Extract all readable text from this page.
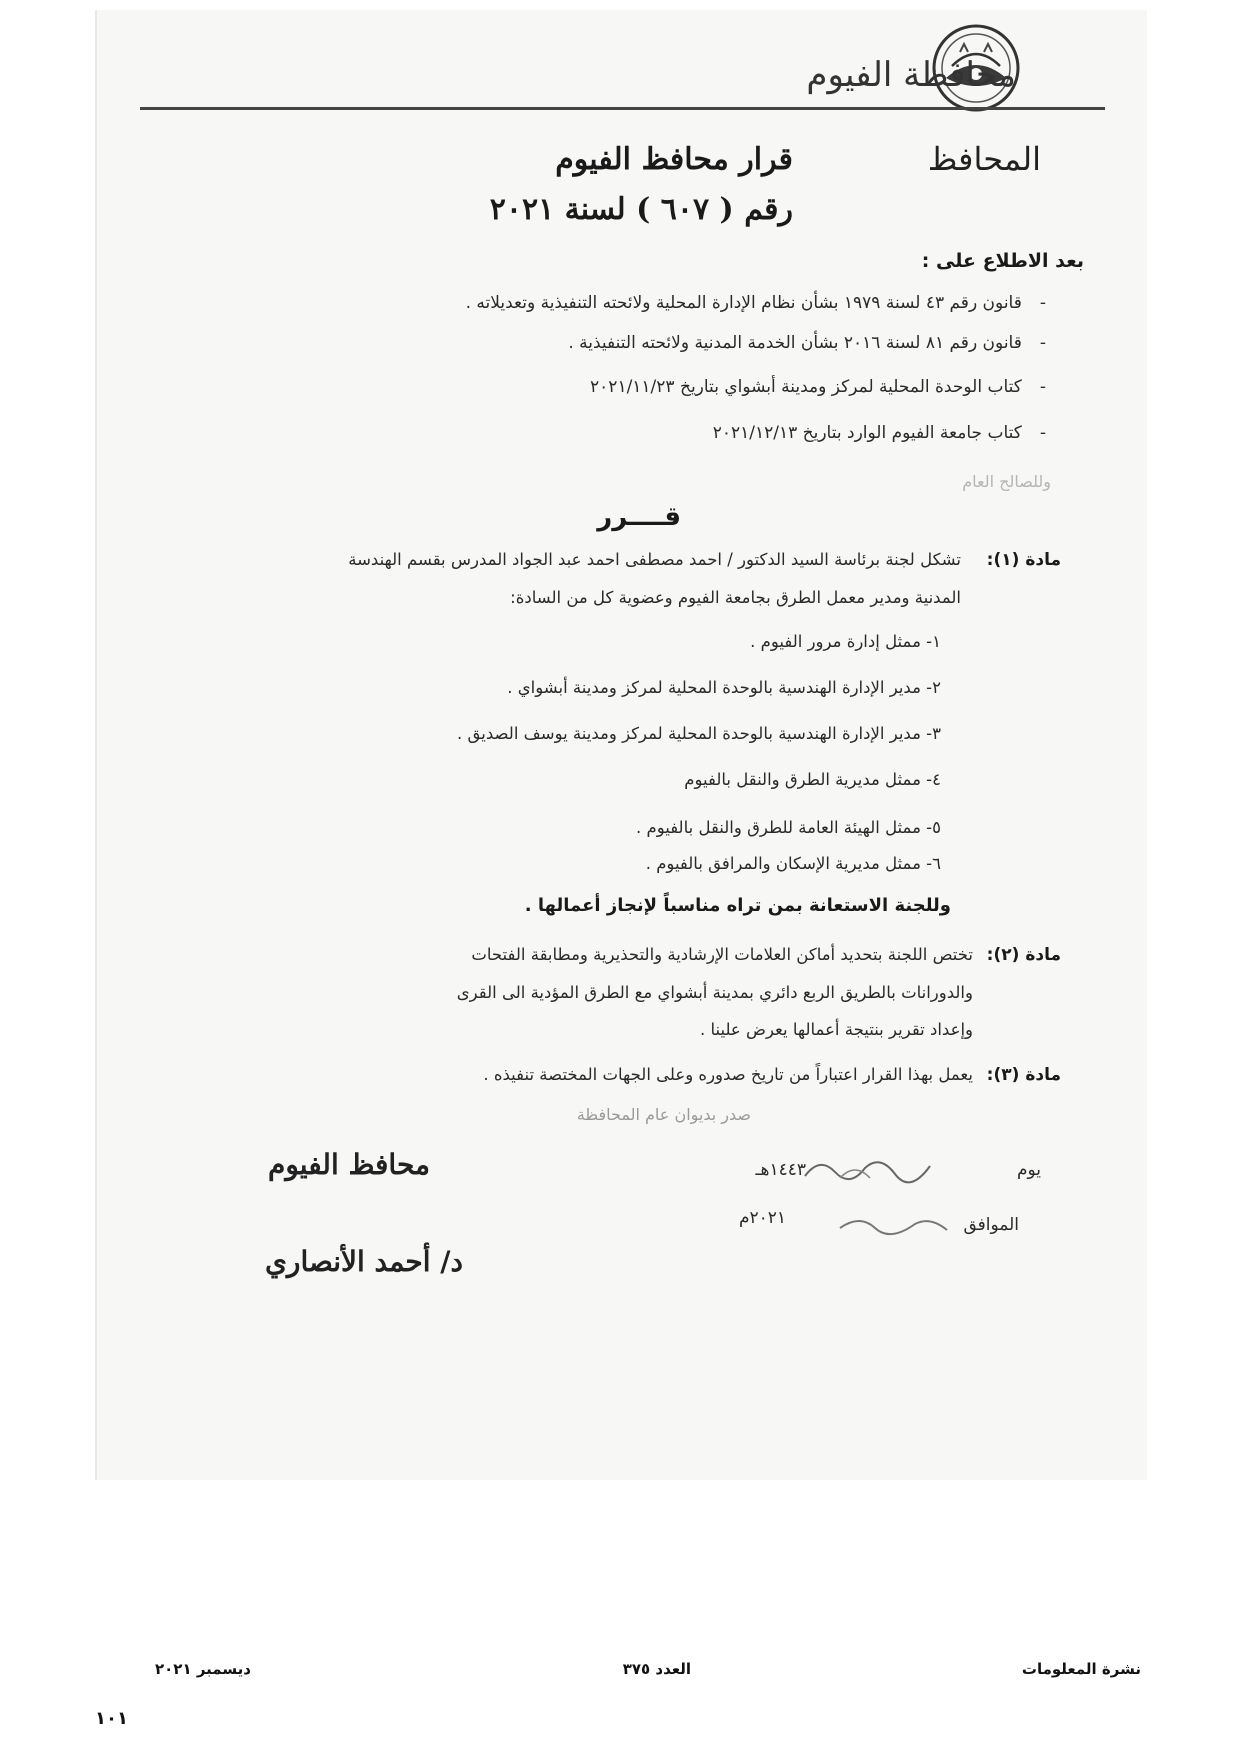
محافظة الفيوم
المحافظ
قرار محافظ الفيوم
رقم ( ٦٠٧ ) لسنة ٢٠٢١
بعد الاطلاع على :
-قانون رقم ٤٣ لسنة ١٩٧٩ بشأن نظام الإدارة المحلية ولائحته التنفيذية وتعديلاته .
-قانون رقم ٨١ لسنة ٢٠١٦ بشأن الخدمة المدنية ولائحته التنفيذية .
-كتاب الوحدة المحلية لمركز ومدينة أبشواي بتاريخ ٢٠٢١/١١/٢٣
-كتاب جامعة الفيوم الوارد بتاريخ ٢٠٢١/١٢/١٣
وللصالح العام
قــــرر
مادة (١):
تشكل لجنة برئاسة السيد الدكتور / احمد مصطفى احمد عبد الجواد المدرس بقسم الهندسة
المدنية ومدير معمل الطرق بجامعة الفيوم وعضوية كل من السادة:
١- ممثل إدارة مرور الفيوم .
٢- مدير الإدارة الهندسية بالوحدة المحلية لمركز ومدينة أبشواي .
٣- مدير الإدارة الهندسية بالوحدة المحلية لمركز ومدينة يوسف الصديق .
٤- ممثل مديرية الطرق والنقل بالفيوم
٥- ممثل الهيئة العامة للطرق والنقل بالفيوم .
٦- ممثل مديرية الإسكان والمرافق بالفيوم .
وللجنة الاستعانة بمن تراه مناسباً لإنجاز أعمالها .
مادة (٢):
تختص اللجنة بتحديد أماكن العلامات الإرشادية والتحذيرية ومطابقة الفتحات
والدورانات بالطريق الربع دائري بمدينة أبشواي مع الطرق المؤدية الى القرى
وإعداد تقرير بنتيجة أعمالها يعرض علينا .
مادة (٣):
يعمل بهذا القرار اعتباراً من تاريخ صدوره وعلى الجهات المختصة تنفيذه .
صدر بديوان عام المحافظة
يوم
١٤٤٣هـ
الموافق
٢٠٢١م
محافظ الفيوم
د/ أحمد الأنصاري
نشرة المعلومات
العدد ٣٧٥
ديسمبر ٢٠٢١
١٠١
